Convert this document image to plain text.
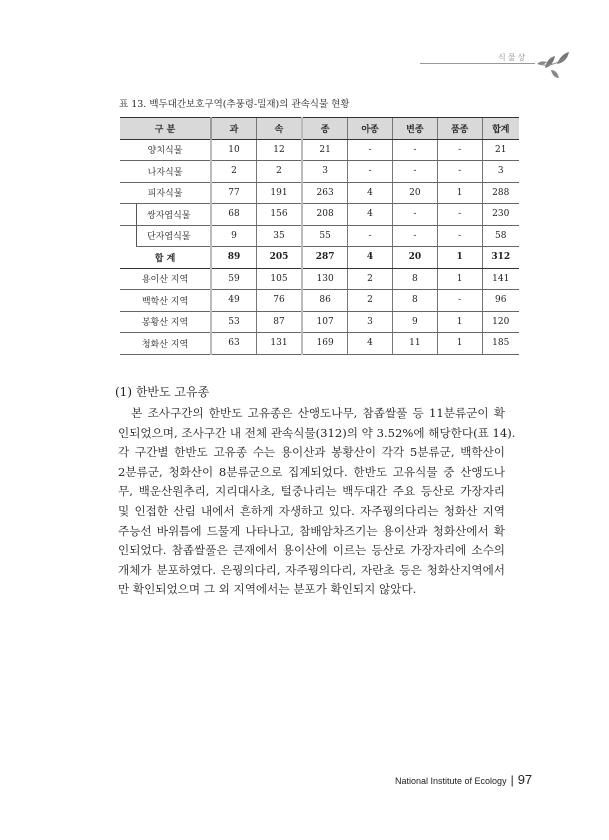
식물상
표 13. 백두대간보호구역(추풍령-밀재)의 관속식물 현황
구 분	과	속	종	아종	변종	품종	합계
양치식물	10	12	21	-	-	-	21
나자식물	2	2	3	-	-	-	3
피자식물	77	191	263	4	20	1	288
쌍자엽식물	68	156	208	4	-	-	230
단자엽식물	9	35	55	-	-	-	58
합 계	89	205	287	4	20	1	312
용이산 지역	59	105	130	2	8	1	141
백학산 지역	49	76	86	2	8	-	96
봉황산 지역	53	87	107	3	9	1	120
청화산 지역	63	131	169	4	11	1	185
(1) 한반도 고유종
　본 조사구간의 한반도 고유종은 산앵도나무, 참좁쌀풀 등 11분류군이 확
인되었으며, 조사구간 내 전체 관속식물(312)의 약 3.52%에 해당한다(표 14).
각 구간별 한반도 고유종 수는 용이산과 봉황산이 각각 5분류군, 백학산이
2분류군, 청화산이 8분류군으로 집계되었다. 한반도 고유식물 중 산앵도나
무, 백운산원추리, 지리대사초, 털중나리는 백두대간 주요 등산로 가장자리
및 인접한 산림 내에서 흔하게 자생하고 있다. 자주꿩의다리는 청화산 지역
주능선 바위틈에 드물게 나타나고, 참배암차즈기는 용이산과 청화산에서 확
인되었다. 참좁쌀풀은 큰재에서 용이산에 이르는 등산로 가장자리에 소수의
개체가 분포하였다. 은꿩의다리, 자주꿩의다리, 자란초 등은 청화산지역에서
만 확인되었으며 그 외 지역에서는 분포가 확인되지 않았다.
National Institute of Ecology | 97
